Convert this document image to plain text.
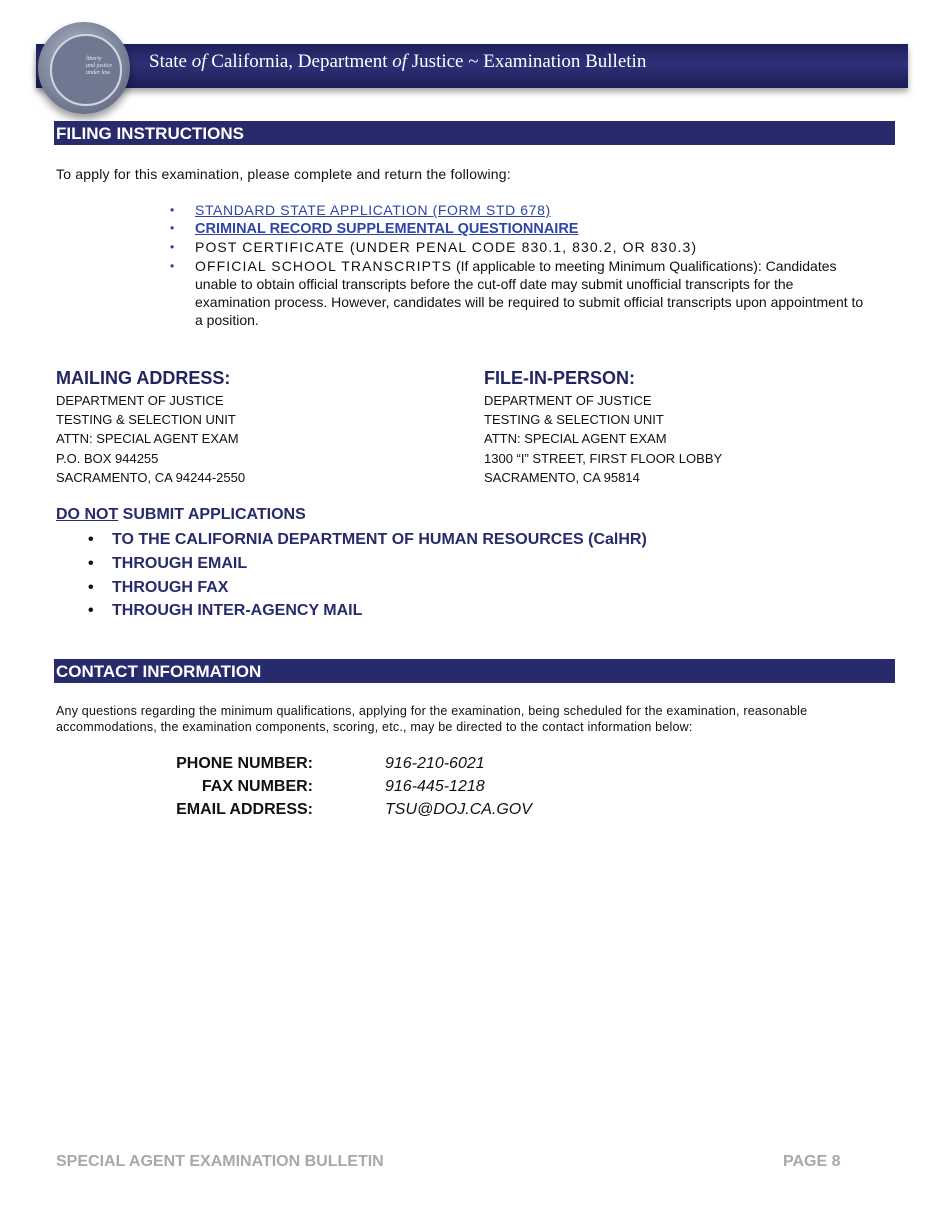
liberty
and justice
under law
State of California, Department of Justice ~ Examination Bulletin
FILING INSTRUCTIONS
To apply for this examination, please complete and return the following:
• STANDARD STATE APPLICATION (FORM STD 678)
• CRIMINAL RECORD SUPPLEMENTAL QUESTIONNAIRE
• POST CERTIFICATE (UNDER PENAL CODE 830.1, 830.2, OR 830.3)
• OFFICIAL SCHOOL TRANSCRIPTS (If applicable to meeting Minimum Qualifications): Candidates unable to obtain official transcripts before the cut-off date may submit unofficial transcripts for the examination process. However, candidates will be required to submit official transcripts upon appointment to a position.
MAILING ADDRESS:
DEPARTMENT OF JUSTICE
TESTING & SELECTION UNIT
ATTN: SPECIAL AGENT EXAM
P.O. BOX 944255
SACRAMENTO, CA 94244-2550
FILE-IN-PERSON:
DEPARTMENT OF JUSTICE
TESTING & SELECTION UNIT
ATTN: SPECIAL AGENT EXAM
1300 “I” STREET, FIRST FLOOR LOBBY
SACRAMENTO, CA 95814
DO NOT SUBMIT APPLICATIONS
• TO THE CALIFORNIA DEPARTMENT OF HUMAN RESOURCES (CalHR)
• THROUGH EMAIL
• THROUGH FAX
• THROUGH INTER-AGENCY MAIL
CONTACT INFORMATION
Any questions regarding the minimum qualifications, applying for the examination, being scheduled for the examination, reasonable accommodations, the examination components, scoring, etc., may be directed to the contact information below:
PHONE NUMBER:	916-210-6021
FAX NUMBER:	916-445-1218
EMAIL ADDRESS:	TSU@DOJ.CA.GOV
SPECIAL AGENT EXAMINATION BULLETIN	PAGE 8
